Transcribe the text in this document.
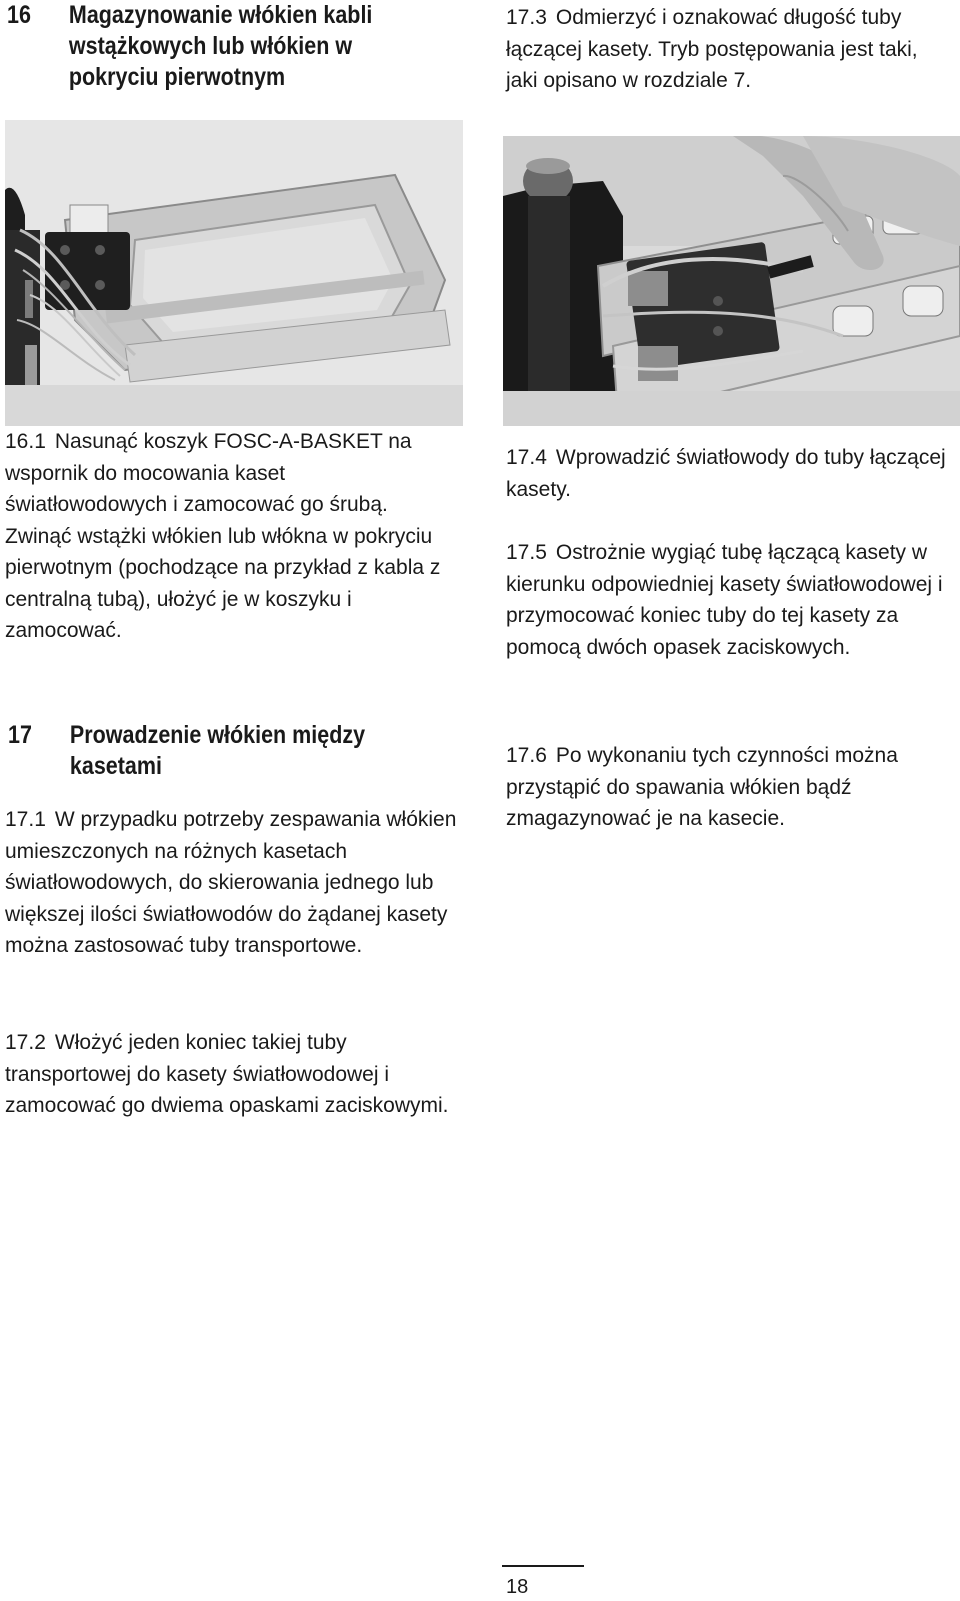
16 Magazynowanie włókien kabli
wstążkowych lub włókien w
pokryciu pierwotnym

17.3 Odmierzyć i oznakować długość tuby łączącej kasety. Tryb postępowania jest taki, jaki opisano w rozdziale 7.

16.1 Nasunąć koszyk FOSC-A-BASKET na wspornik do mocowania kaset światłowodowych i zamocować go śrubą. Zwinąć wstążki włókien lub włókna w pokryciu pierwotnym (pochodzące na przykład z kabla z centralną tubą), ułożyć je w koszyku i zamocować.

17.4 Wprowadzić światłowody do tuby łączącej kasety.

17.5 Ostrożnie wygiąć tubę łączącą kasety w kierunku odpowiedniej kasety światłowodowej i przymocować koniec tuby do tej kasety za pomocą dwóch opasek zaciskowych.

17 Prowadzenie włókien między
kasetami	17.6 Po wykonaniu tych czynności można przystąpić do spawania włókien bądź zmagazynować je na kasecie.

17.1 W przypadku potrzeby zespawania włókien umieszczonych na różnych kasetach światłowodowych, do skierowania jednego lub większej ilości światłowodów do żądanej kasety można zastosować tuby transportowe.

17.2 Włożyć jeden koniec takiej tuby transportowej do kasety światłowodowej i zamocować go dwiema opaskami zaciskowymi.

18
